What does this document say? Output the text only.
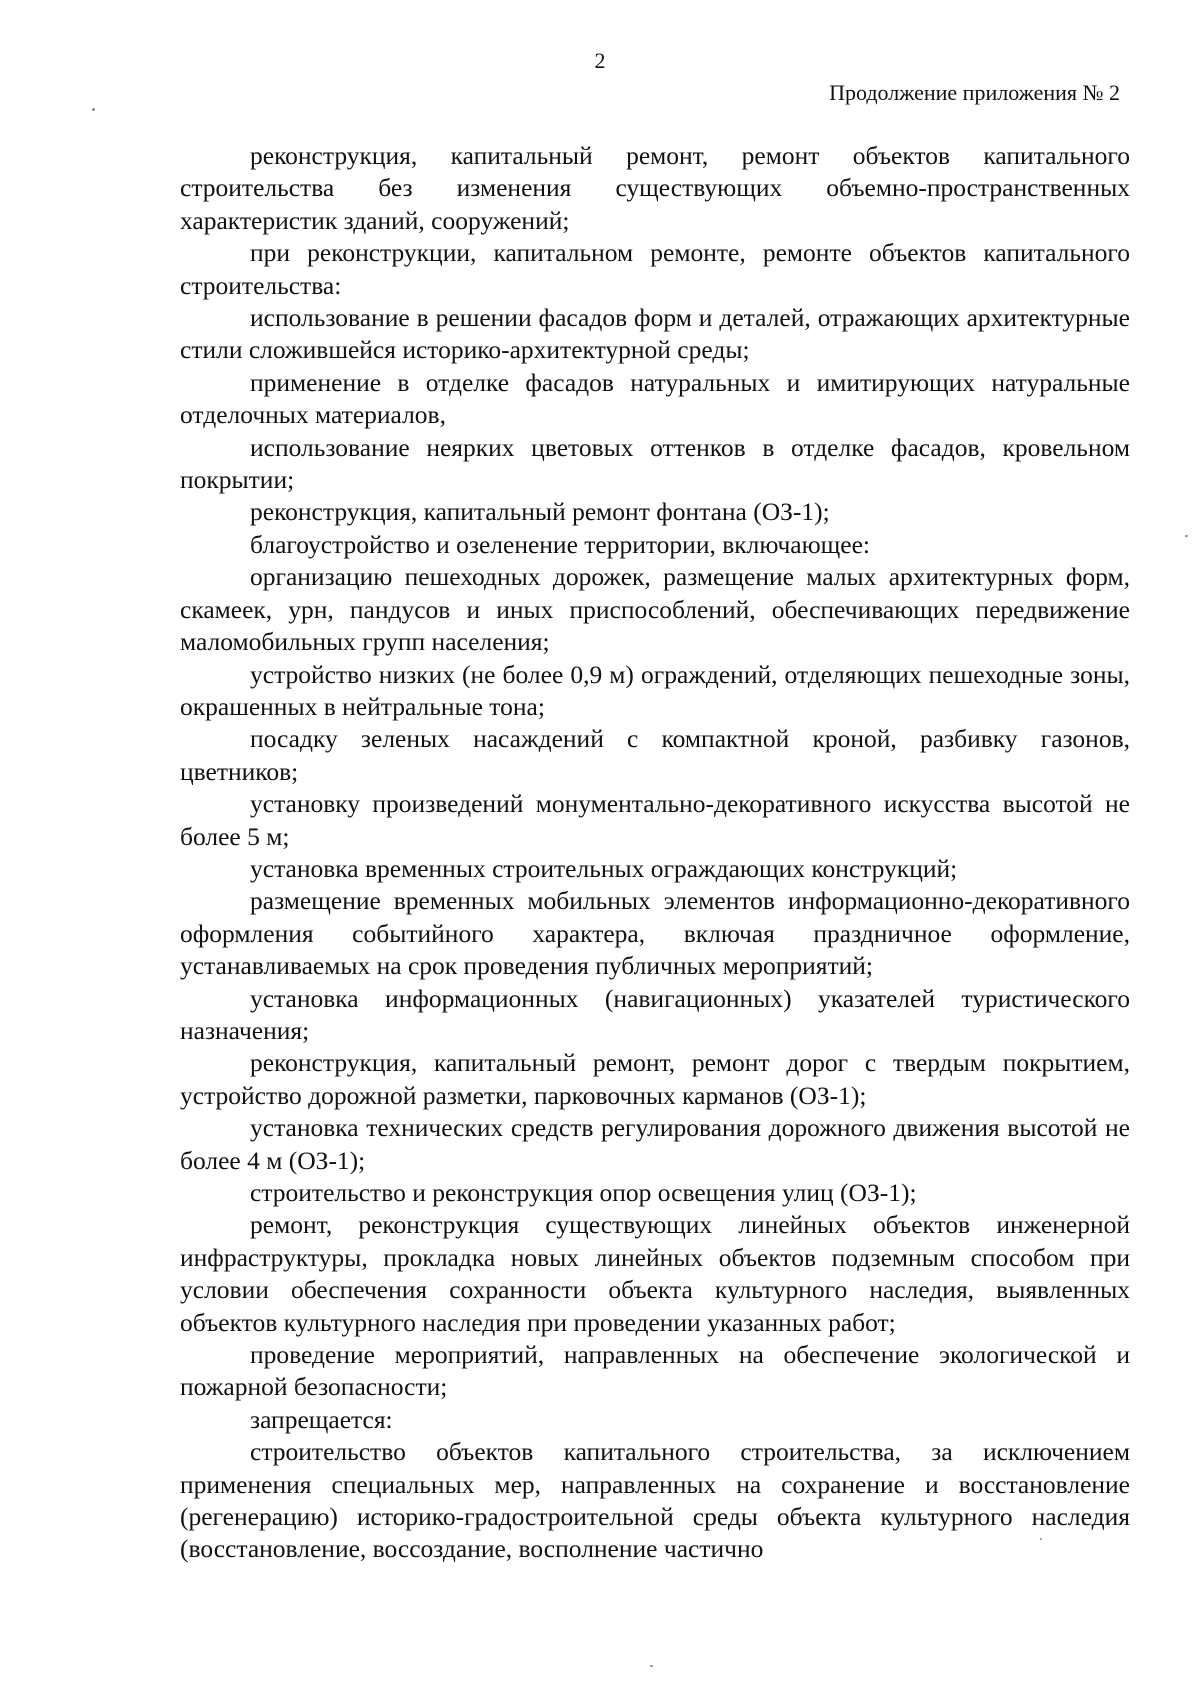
2
Продолжение приложения № 2

реконструкция, капитальный ремонт, ремонт объектов капитального строительства без изменения существующих объемно-пространственных характеристик зданий, сооружений;

при реконструкции, капитальном ремонте, ремонте объектов капитального строительства:

использование в решении фасадов форм и деталей, отражающих архитектурные стили сложившейся историко-архитектурной среды;

применение в отделке фасадов натуральных и имитирующих натуральные отделочных материалов,

использование неярких цветовых оттенков в отделке фасадов, кровельном покрытии;

реконструкция, капитальный ремонт фонтана (ОЗ-1);

благоустройство и озеленение территории, включающее:

организацию пешеходных дорожек, размещение малых архитектурных форм, скамеек, урн, пандусов и иных приспособлений, обеспечивающих передвижение маломобильных групп населения;

устройство низких (не более 0,9 м) ограждений, отделяющих пешеходные зоны, окрашенных в нейтральные тона;

посадку зеленых насаждений с компактной кроной, разбивку газонов, цветников;

установку произведений монументально-декоративного искусства высотой не более 5 м;

установка временных строительных ограждающих конструкций;

размещение временных мобильных элементов информационно-декоративного оформления событийного характера, включая праздничное оформление, устанавливаемых на срок проведения публичных мероприятий;

установка информационных (навигационных) указателей туристического назначения;

реконструкция, капитальный ремонт, ремонт дорог с твердым покрытием, устройство дорожной разметки, парковочных карманов (ОЗ-1);

установка технических средств регулирования дорожного движения высотой не более 4 м (ОЗ-1);

строительство и реконструкция опор освещения улиц (ОЗ-1);

ремонт, реконструкция существующих линейных объектов инженерной инфраструктуры, прокладка новых линейных объектов подземным способом при условии обеспечения сохранности объекта культурного наследия, выявленных объектов культурного наследия при проведении указанных работ;

проведение мероприятий, направленных на обеспечение экологической и пожарной безопасности;

запрещается:

строительство объектов капитального строительства, за исключением применения специальных мер, направленных на сохранение и восстановление (регенерацию) историко-градостроительной среды объекта культурного наследия (восстановление, воссоздание, восполнение частично
